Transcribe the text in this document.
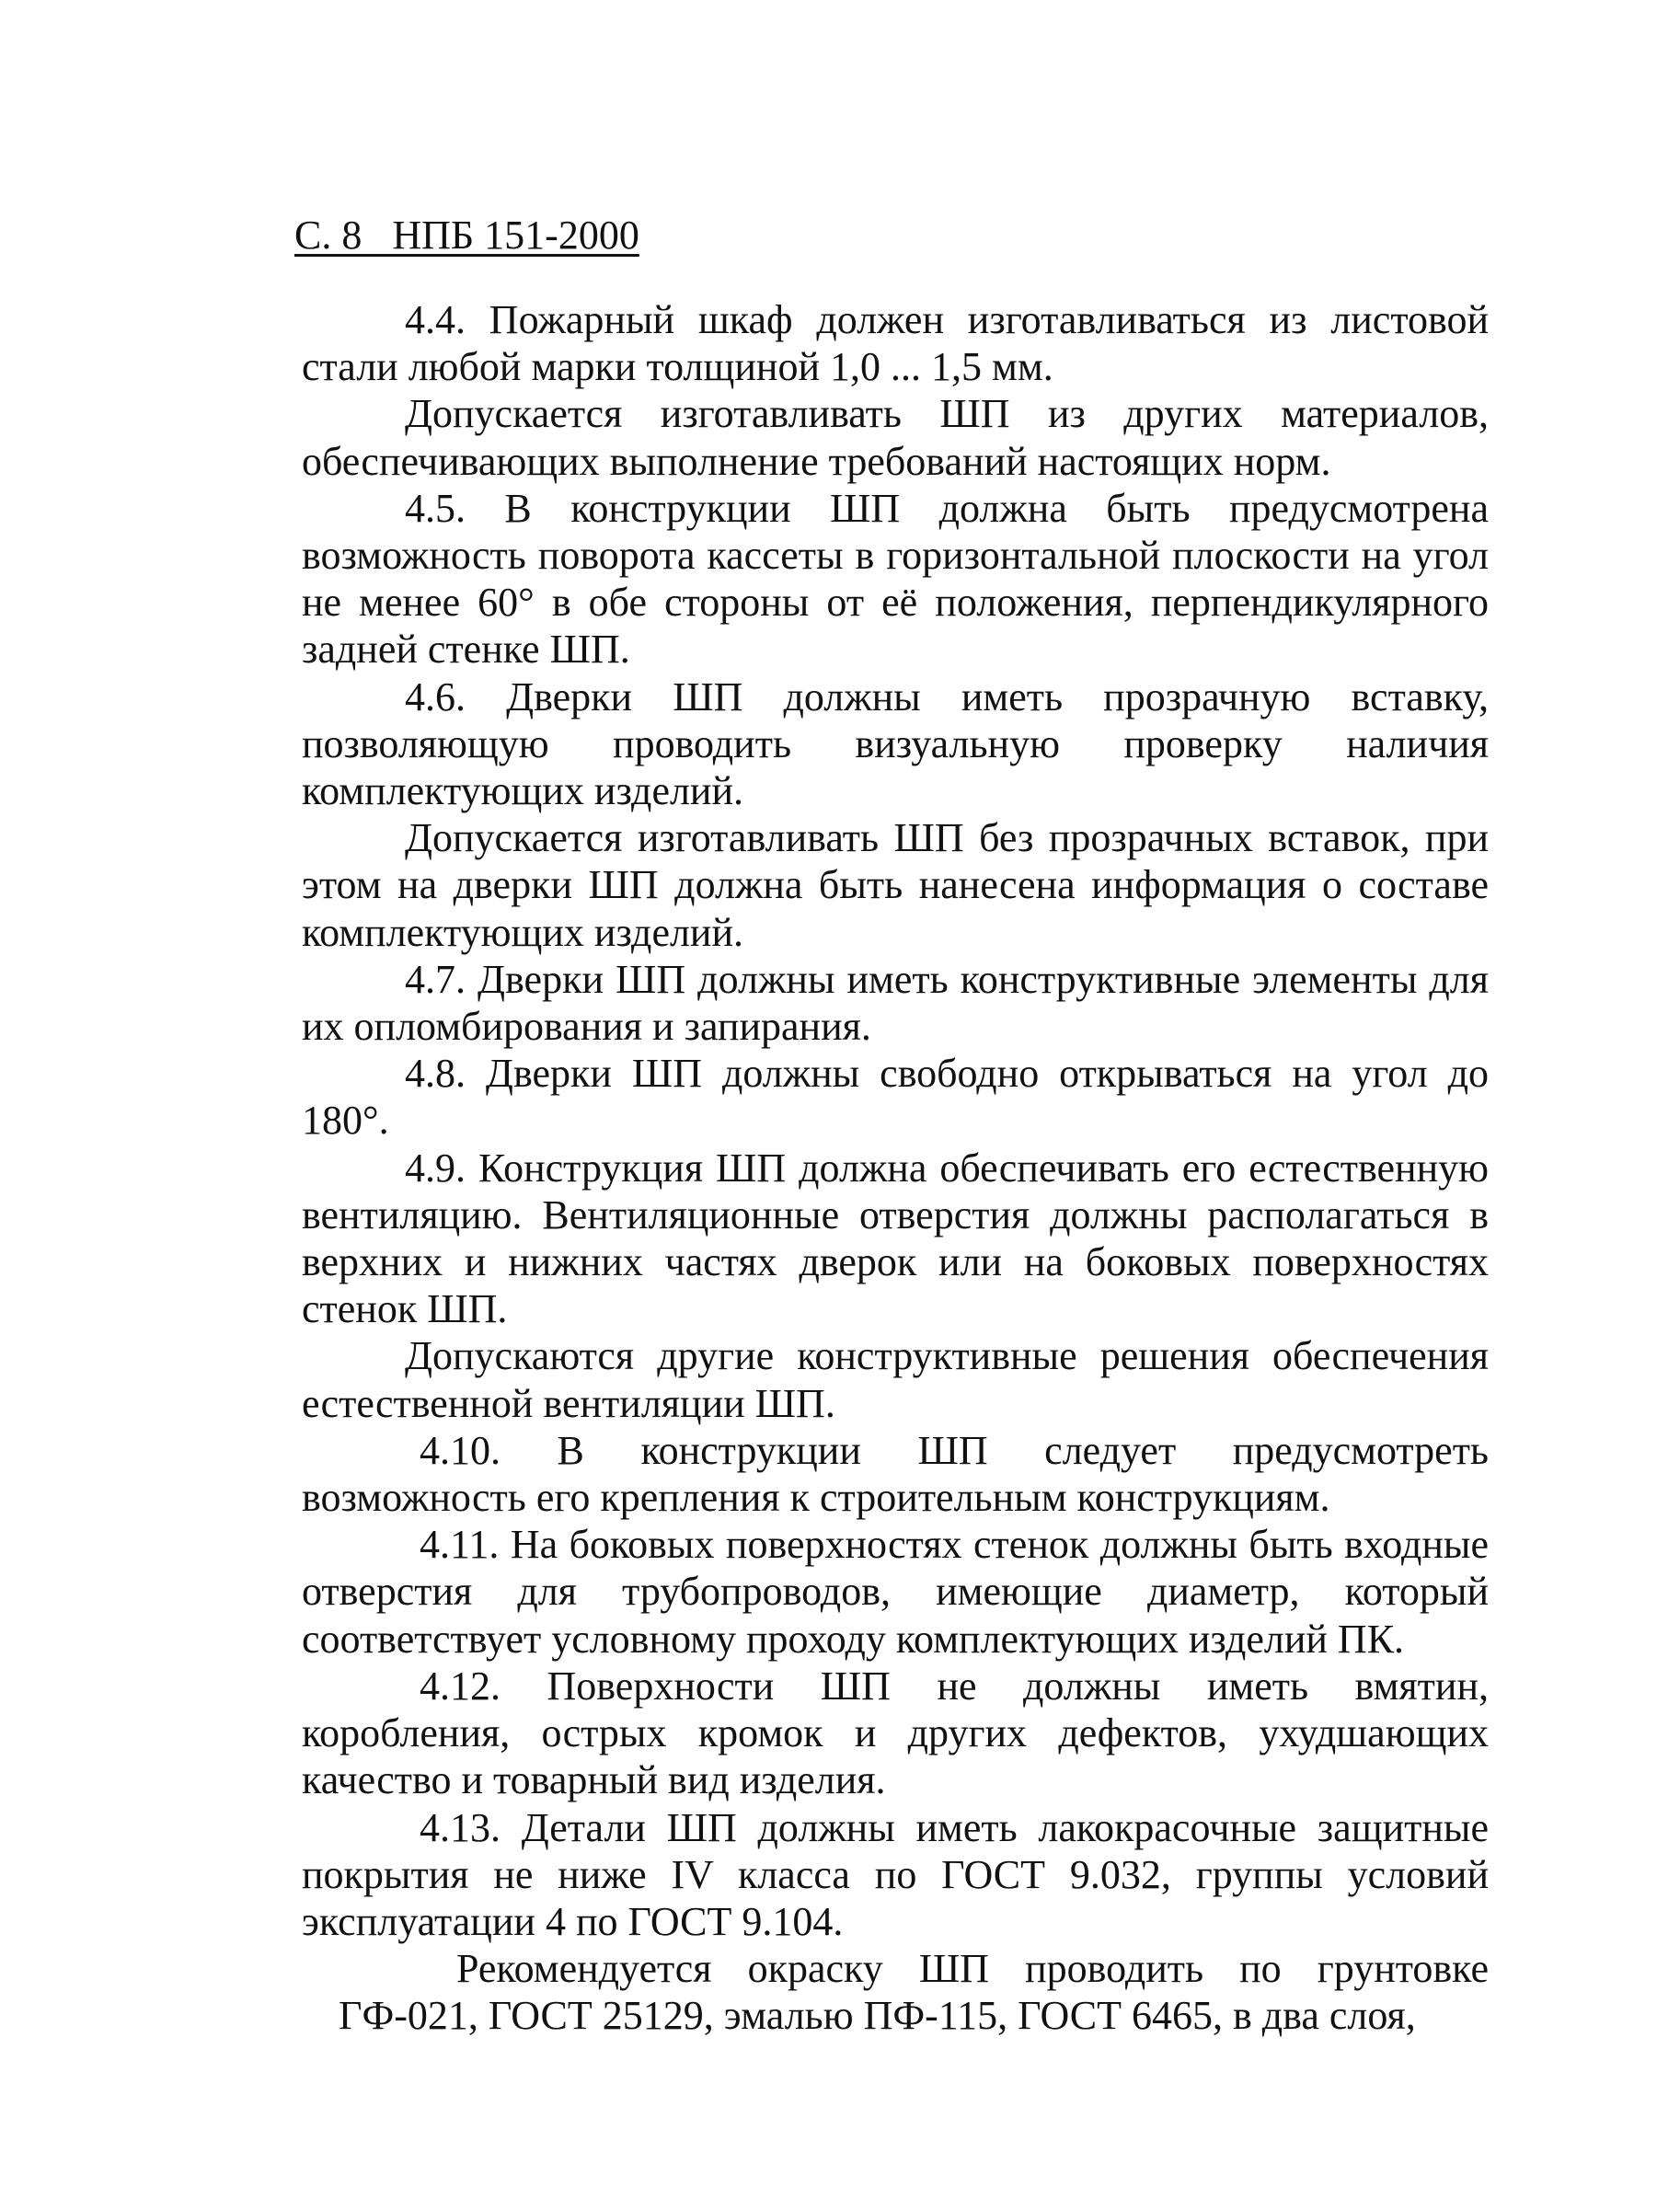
С. 8   НПБ 151-2000

4.4. Пожарный шкаф должен изготавливаться из листовой стали любой марки толщиной 1,0 ... 1,5 мм.

Допускается изготавливать ШП из других материалов, обеспечивающих выполнение требований настоящих норм.

4.5. В конструкции ШП должна быть предусмотрена возможность поворота кассеты в горизонтальной плоскости на угол не менее 60° в обе стороны от её положения, перпендикулярного задней стенке ШП.

4.6. Дверки ШП должны иметь прозрачную вставку, позволяющую проводить визуальную проверку наличия комплектующих изделий.

Допускается изготавливать ШП без прозрачных вставок, при этом на дверки ШП должна быть нанесена информация о составе комплектующих изделий.

4.7. Дверки ШП должны иметь конструктивные элементы для их опломбирования и запирания.

4.8. Дверки ШП должны свободно открываться на угол до 180°.

4.9. Конструкция ШП должна обеспечивать его естественную вентиляцию. Вентиляционные отверстия должны располагаться в верхних и нижних частях дверок или на боковых поверхностях стенок ШП.

Допускаются другие конструктивные решения обеспечения естественной вентиляции ШП.

4.10. В конструкции ШП следует предусмотреть возможность его крепления к строительным конструкциям.

4.11. На боковых поверхностях стенок должны быть входные отверстия для трубопроводов, имеющие диаметр, который соответствует условному проходу комплектующих изделий ПК.

4.12. Поверхности ШП не должны иметь вмятин, коробления, острых кромок и других дефектов, ухудшающих качество и товарный вид изделия.

4.13. Детали ШП должны иметь лакокрасочные защитные покрытия не ниже IV класса по ГОСТ 9.032, группы условий эксплуатации 4 по ГОСТ 9.104.

Рекомендуется окраску ШП проводить по грунтовке ГФ-021, ГОСТ 25129, эмалью ПФ-115, ГОСТ 6465, в два слоя,
